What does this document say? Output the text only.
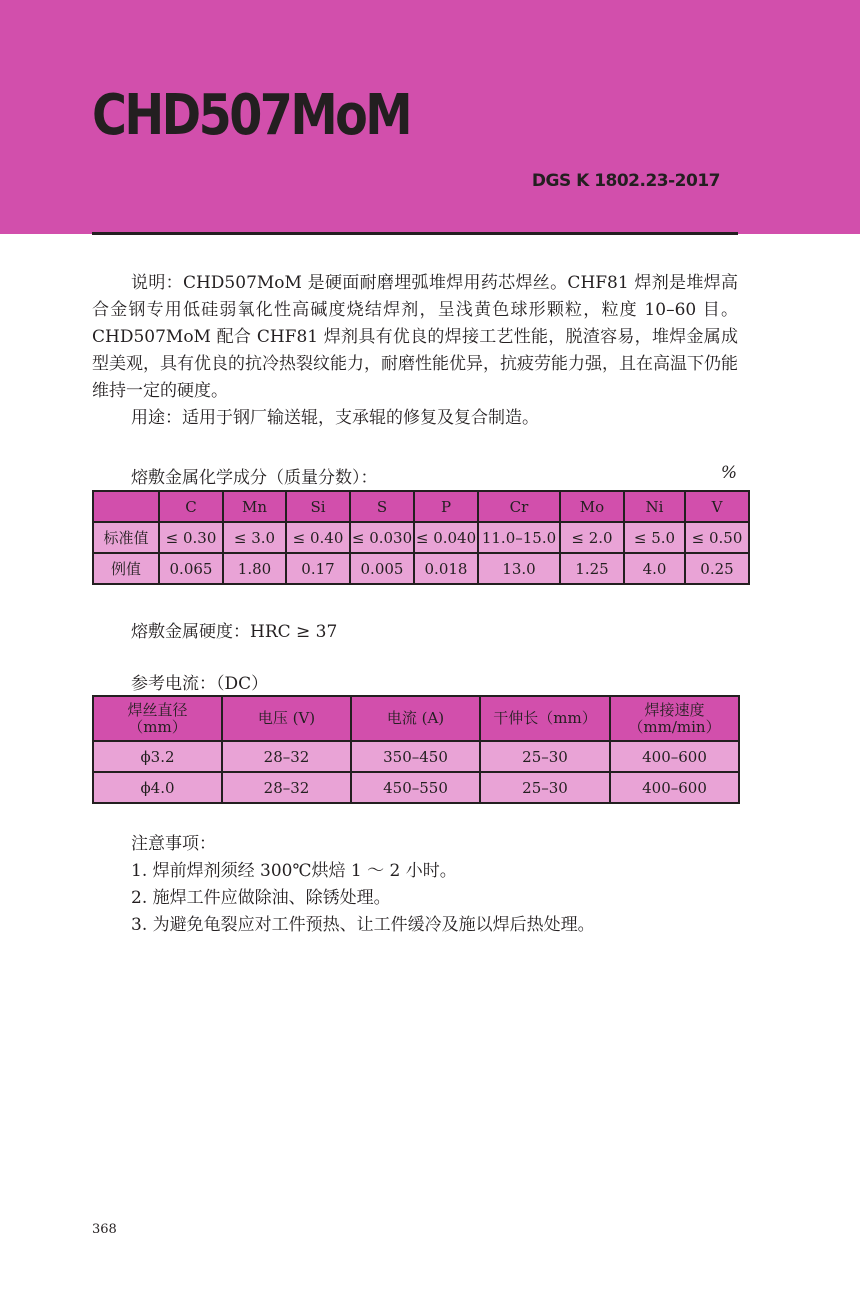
CHD507MoM
DGS K 1802.23-2017

说明：CHD507MoM 是硬面耐磨埋弧堆焊用药芯焊丝。CHF81 焊剂是堆焊高合金钢专用低硅弱氧化性高碱度烧结焊剂，呈浅黄色球形颗粒，粒度 10–60 目。CHD507MoM 配合 CHF81 焊剂具有优良的焊接工艺性能，脱渣容易，堆焊金属成型美观，具有优良的抗冷热裂纹能力，耐磨性能优异，抗疲劳能力强，且在高温下仍能维持一定的硬度。

用途：适用于钢厂输送辊，支承辊的修复及复合制造。

熔敷金属化学成分（质量分数）：	%
	C	Mn	Si	S	P	Cr	Mo	Ni	V
标准值	≤ 0.30	≤ 3.0	≤ 0.40	≤ 0.030	≤ 0.040	11.0–15.0	≤ 2.0	≤ 5.0	≤ 0.50
例值	0.065	1.80	0.17	0.005	0.018	13.0	1.25	4.0	0.25
熔敷金属硬度：HRC ≥ 37
参考电流：（DC）
焊丝直径
（mm）	电压 (V)	电流 (A)	干伸长（mm）	焊接速度
（mm/min）
ϕ3.2	28–32	350–450	25–30	400–600
ϕ4.0	28–32	450–550	25–30	400–600
注意事项：
1. 焊前焊剂须经 300℃烘焙 1 ～ 2 小时。
2. 施焊工件应做除油、除锈处理。
3. 为避免龟裂应对工件预热、让工件缓冷及施以焊后热处理。
368
